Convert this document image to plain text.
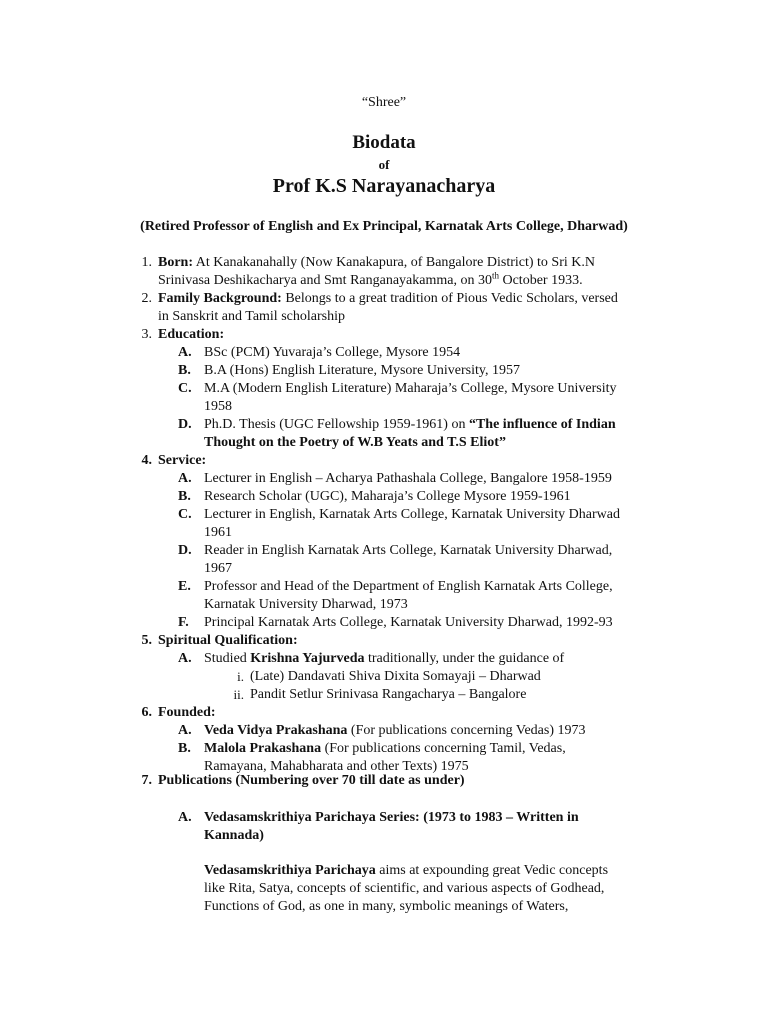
“Shree”
Biodata
of
Prof K.S Narayanacharya
(Retired Professor of English and Ex Principal, Karnatak Arts College, Dharwad)
1. Born: At Kanakanahally (Now Kanakapura, of Bangalore District) to Sri K.N
Srinivasa Deshikacharya and Smt Ranganayakamma, on 30th October 1933.
2. Family Background: Belongs to a great tradition of Pious Vedic Scholars, versed
in Sanskrit and Tamil scholarship
3. Education:
A. BSc (PCM) Yuvaraja’s College, Mysore 1954
B. B.A (Hons) English Literature, Mysore University, 1957
C. M.A (Modern English Literature) Maharaja’s College, Mysore University
1958
D. Ph.D. Thesis (UGC Fellowship 1959-1961) on “The influence of Indian
Thought on the Poetry of W.B Yeats and T.S Eliot”
4. Service:
A. Lecturer in English – Acharya Pathashala College, Bangalore 1958-1959
B. Research Scholar (UGC), Maharaja’s College Mysore 1959-1961
C. Lecturer in English, Karnatak Arts College, Karnatak University Dharwad
1961
D. Reader in English Karnatak Arts College, Karnatak University Dharwad,
1967
E. Professor and Head of the Department of English Karnatak Arts College,
Karnatak University Dharwad, 1973
F.	Principal Karnatak Arts College, Karnatak University Dharwad, 1992-93
5. Spiritual Qualification:
A. Studied Krishna Yajurveda traditionally, under the guidance of
i. (Late) Dandavati Shiva Dixita Somayaji – Dharwad
ii. Pandit Setlur Srinivasa Rangacharya – Bangalore
6. Founded:
A. Veda Vidya Prakashana (For publications concerning Vedas) 1973
B. Malola Prakashana (For publications concerning Tamil, Vedas,
Ramayana, Mahabharata and other Texts) 1975
7. Publications (Numbering over 70 till date as under)
A. Vedasamskrithiya Parichaya Series: (1973 to 1983 – Written in
Kannada)
Vedasamskrithiya Parichaya aims at expounding great Vedic concepts
like Rita, Satya, concepts of scientific, and various aspects of Godhead,
Functions of God, as one in many, symbolic meanings of Waters,
